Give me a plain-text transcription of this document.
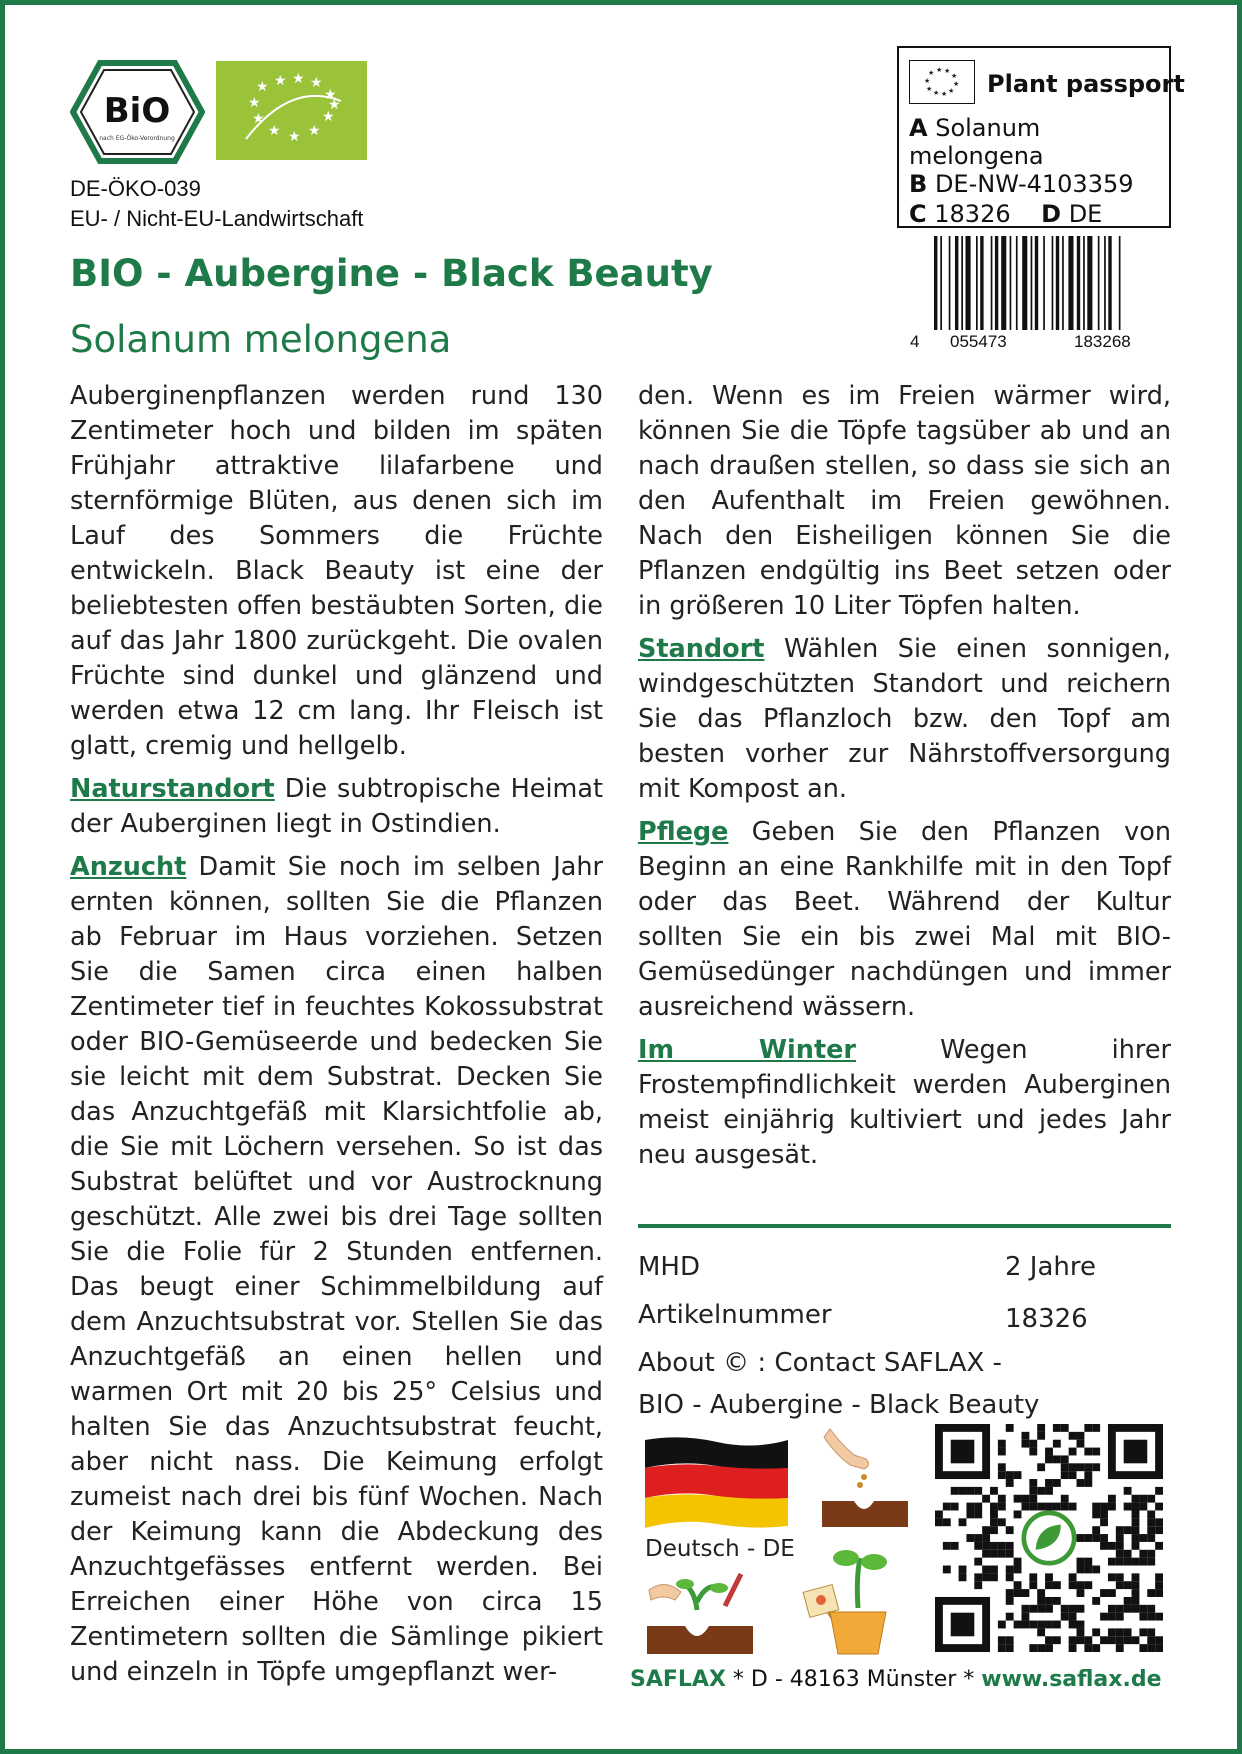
BiO
nach EG-Öko-Verordnung
★ ★ ★ ★
★
★
★
★ ★ ★
★
★
DE-ÖKO-039
EU- / Nicht-EU-Landwirtschaft
BIO - Aubergine - Black Beauty
Solanum melongena
★ ★ ★
★
★
★
★ ★ ★ ★ Plant passport
A Solanum
melongena
B DE-NW-4103359
C 18326 D DE
4 055473	183268

Auberginenpflanzen werden rund 130 Zentimeter hoch und bilden im späten Frühjahr attraktive lilafarbene und sternförmige Blüten, aus denen sich im Lauf des Sommers die Früchte entwickeln. Black Beauty ist eine der beliebtesten offen bestäubten Sorten, die auf das Jahr 1800 zurückgeht. Die ovalen Früchte sind dunkel und glänzend und werden etwa 12 cm lang. Ihr Fleisch ist glatt, cremig und hellgelb.

Naturstandort Die subtropische Heimat der Auberginen liegt in Ostindien.

Anzucht Damit Sie noch im selben Jahr ernten können, sollten Sie die Pflanzen ab Februar im Haus vorziehen. Setzen Sie die Samen circa einen halben Zentimeter tief in feuchtes Kokossubstrat oder BIO-Gemüseerde und bedecken Sie sie leicht mit dem Substrat. Decken Sie das Anzuchtgefäß mit Klarsichtfolie ab, die Sie mit Löchern versehen. So ist das Substrat belüftet und vor Austrocknung geschützt. Alle zwei bis drei Tage sollten Sie die Folie für 2 Stunden entfernen. Das beugt einer Schimmelbildung auf dem Anzuchtsubstrat vor. Stellen Sie das Anzuchtgefäß an einen hellen und warmen Ort mit 20 bis 25° Celsius und halten Sie das Anzuchtsubstrat feucht, aber nicht nass. Die Keimung erfolgt zumeist nach drei bis fünf Wochen. Nach der Keimung kann die Abdeckung des Anzuchtgefässes entfernt werden. Bei Erreichen einer Höhe von circa 15 Zentimetern sollten die Sämlinge pikiert und einzeln in Töpfe umgepflanzt wer-

den. Wenn es im Freien wärmer wird, können Sie die Töpfe tagsüber ab und an nach draußen stellen, so dass sie sich an den Aufenthalt im Freien gewöhnen. Nach den Eisheiligen können Sie die Pflanzen endgültig ins Beet setzen oder in größeren 10 Liter Töpfen halten.

Standort Wählen Sie einen sonnigen, windgeschützten Standort und reichern Sie das Pflanzloch bzw. den Topf am besten vorher zur Nährstoffversorgung mit Kompost an.

Pflege Geben Sie den Pflanzen von Beginn an eine Rankhilfe mit in den Topf oder das Beet. Während der Kultur sollten Sie ein bis zwei Mal mit BIO-Gemüsedünger nachdüngen und immer ausreichend wässern.

Im Winter Wegen ihrer Frostempfindlichkeit werden Auberginen meist einjährig kultiviert und jedes Jahr neu ausgesät.

MHD	2 Jahre
Artikelnummer	18326
About © : Contact SAFLAX -
BIO - Aubergine - Black Beauty
Deutsch - DE
SAFLAX * D - 48163 Münster * www.saflax.de
